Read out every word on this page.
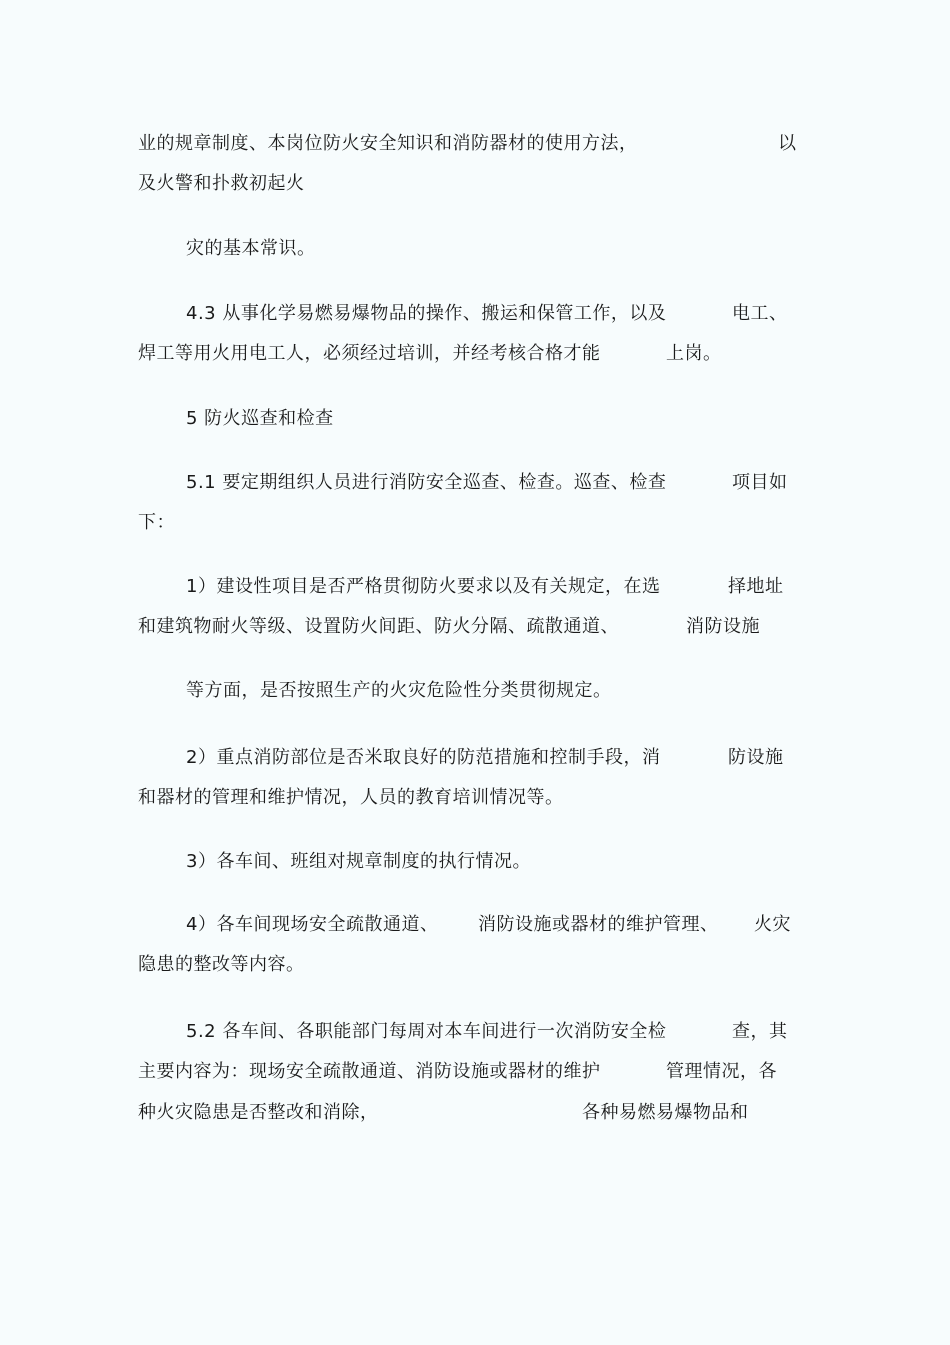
业的规章制度、本岗位防火安全知识和消防器材的使用方法，	以
及火警和扑救初起火
灾的基本常识。
4.3 从事化学易燃易爆物品的操作、搬运和保管工作，以及	电工、
焊工等用火用电工人，必须经过培训，并经考核合格才能	上岗。
5 防火巡查和检查
5.1 要定期组织人员进行消防安全巡查、检查。巡查、检查	项目如
下：
1）建设性项目是否严格贯彻防火要求以及有关规定，在选	择地址
和建筑物耐火等级、设置防火间距、防火分隔、疏散通道、	消防设施
等方面，是否按照生产的火灾危险性分类贯彻规定。
2）重点消防部位是否米取良好的防范措施和控制手段，消	防设施
和器材的管理和维护情况，人员的教育培训情况等。
3）各车间、班组对规章制度的执行情况。
4）各车间现场安全疏散通道、 消防设施或器材的维护管理、 火灾
隐患的整改等内容。
5.2 各车间、各职能部门每周对本车间进行一次消防安全检	查，其
主要内容为：现场安全疏散通道、消防设施或器材的维护	管理情况，各
种火灾隐患是否整改和消除，	各种易燃易爆物品和
